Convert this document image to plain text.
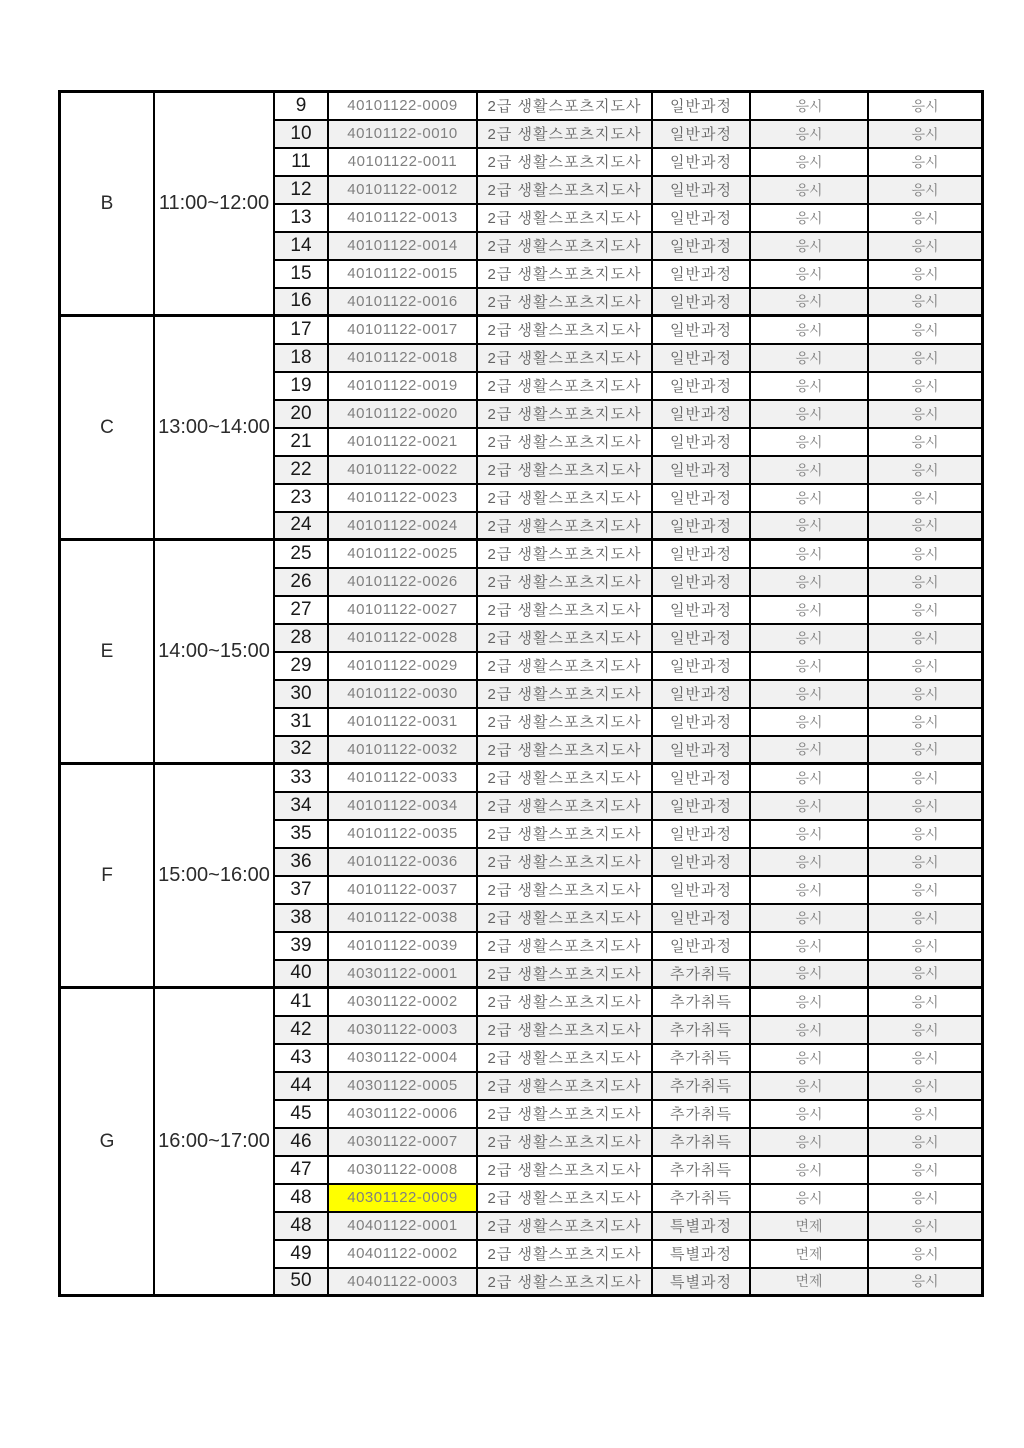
B	11:00~12:00	9	40101122-0009	2급 생활스포츠지도사	일반과정	응시	응시
		10	40101122-0010	2급 생활스포츠지도사	일반과정	응시	응시
		11	40101122-0011	2급 생활스포츠지도사	일반과정	응시	응시
		12	40101122-0012	2급 생활스포츠지도사	일반과정	응시	응시
		13	40101122-0013	2급 생활스포츠지도사	일반과정	응시	응시
		14	40101122-0014	2급 생활스포츠지도사	일반과정	응시	응시
		15	40101122-0015	2급 생활스포츠지도사	일반과정	응시	응시
		16	40101122-0016	2급 생활스포츠지도사	일반과정	응시	응시
C	13:00~14:00	17	40101122-0017	2급 생활스포츠지도사	일반과정	응시	응시
		18	40101122-0018	2급 생활스포츠지도사	일반과정	응시	응시
		19	40101122-0019	2급 생활스포츠지도사	일반과정	응시	응시
		20	40101122-0020	2급 생활스포츠지도사	일반과정	응시	응시
		21	40101122-0021	2급 생활스포츠지도사	일반과정	응시	응시
		22	40101122-0022	2급 생활스포츠지도사	일반과정	응시	응시
		23	40101122-0023	2급 생활스포츠지도사	일반과정	응시	응시
		24	40101122-0024	2급 생활스포츠지도사	일반과정	응시	응시
E	14:00~15:00	25	40101122-0025	2급 생활스포츠지도사	일반과정	응시	응시
		26	40101122-0026	2급 생활스포츠지도사	일반과정	응시	응시
		27	40101122-0027	2급 생활스포츠지도사	일반과정	응시	응시
		28	40101122-0028	2급 생활스포츠지도사	일반과정	응시	응시
		29	40101122-0029	2급 생활스포츠지도사	일반과정	응시	응시
		30	40101122-0030	2급 생활스포츠지도사	일반과정	응시	응시
		31	40101122-0031	2급 생활스포츠지도사	일반과정	응시	응시
		32	40101122-0032	2급 생활스포츠지도사	일반과정	응시	응시
F	15:00~16:00	33	40101122-0033	2급 생활스포츠지도사	일반과정	응시	응시
		34	40101122-0034	2급 생활스포츠지도사	일반과정	응시	응시
		35	40101122-0035	2급 생활스포츠지도사	일반과정	응시	응시
		36	40101122-0036	2급 생활스포츠지도사	일반과정	응시	응시
		37	40101122-0037	2급 생활스포츠지도사	일반과정	응시	응시
		38	40101122-0038	2급 생활스포츠지도사	일반과정	응시	응시
		39	40101122-0039	2급 생활스포츠지도사	일반과정	응시	응시
		40	40301122-0001	2급 생활스포츠지도사	추가취득	응시	응시
G	16:00~17:00	41	40301122-0002	2급 생활스포츠지도사	추가취득	응시	응시
		42	40301122-0003	2급 생활스포츠지도사	추가취득	응시	응시
		43	40301122-0004	2급 생활스포츠지도사	추가취득	응시	응시
		44	40301122-0005	2급 생활스포츠지도사	추가취득	응시	응시
		45	40301122-0006	2급 생활스포츠지도사	추가취득	응시	응시
		46	40301122-0007	2급 생활스포츠지도사	추가취득	응시	응시
		47	40301122-0008	2급 생활스포츠지도사	추가취득	응시	응시
		48	40301122-0009	2급 생활스포츠지도사	추가취득	응시	응시
		48	40401122-0001	2급 생활스포츠지도사	특별과정	면제	응시
		49	40401122-0002	2급 생활스포츠지도사	특별과정	면제	응시
		50	40401122-0003	2급 생활스포츠지도사	특별과정	면제	응시
